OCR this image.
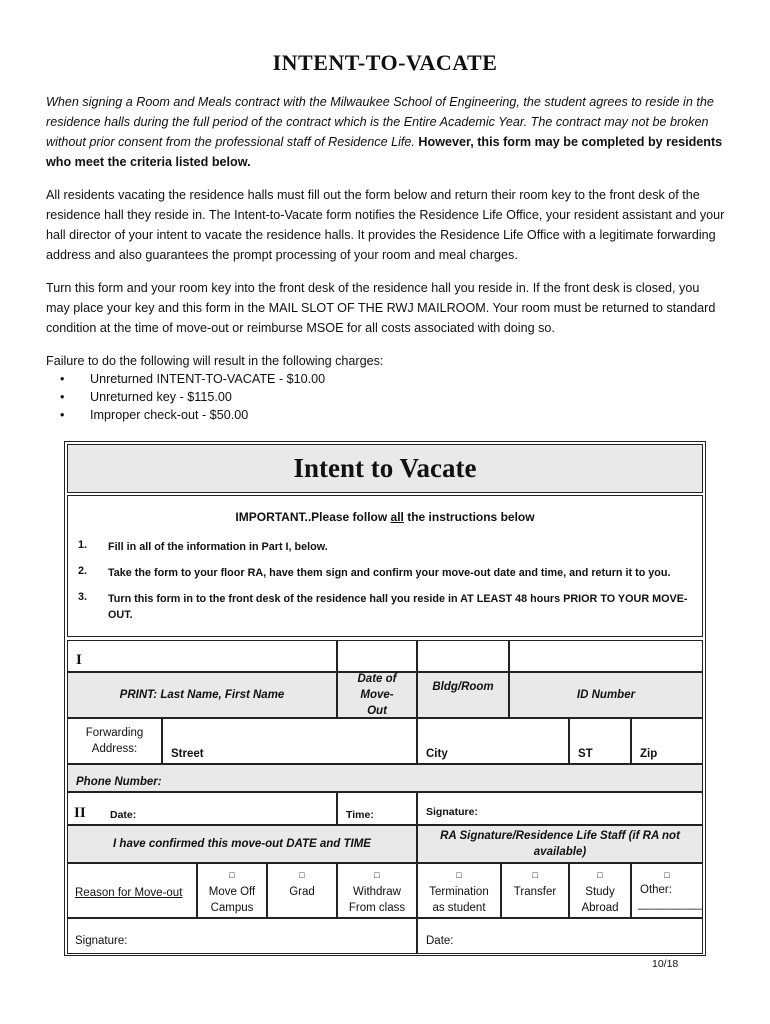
INTENT-TO-VACATE
When signing a Room and Meals contract with the Milwaukee School of Engineering, the student agrees to reside in the residence halls during the full period of the contract which is the Entire Academic Year. The contract may not be broken without prior consent from the professional staff of Residence Life. However, this form may be completed by residents who meet the criteria listed below.
All residents vacating the residence halls must fill out the form below and return their room key to the front desk of the residence hall they reside in. The Intent-to-Vacate form notifies the Residence Life Office, your resident assistant and your hall director of your intent to vacate the residence halls. It provides the Residence Life Office with a legitimate forwarding address and also guarantees the prompt processing of your room and meal charges.
Turn this form and your room key into the front desk of the residence hall you reside in. If the front desk is closed, you may place your key and this form in the MAIL SLOT OF THE RWJ MAILROOM. Your room must be returned to standard condition at the time of move-out or reimburse MSOE for all costs associated with doing so.
Failure to do the following will result in the following charges:
• Unreturned INTENT-TO-VACATE - $10.00
• Unreturned key - $115.00
• Improper check-out - $50.00
Intent to Vacate
IMPORTANT..Please follow all the instructions below
1. Fill in all of the information in Part I, below.
2. Take the form to your floor RA, have them sign and confirm your move-out date and time, and return it to you.
3. Turn this form in to the front desk of the residence hall you reside in AT LEAST 48 hours PRIOR TO YOUR MOVE-OUT.
I
PRINT: Last Name, First Name
Date of Move-Out
Bldg/Room
ID Number
Forwarding Address:	Street	City	ST	Zip
Phone Number:
II Date:	Time:	Signature:
I have confirmed this move-out DATE and TIME
RA Signature/Residence Life Staff (if RA not available)
Reason for Move-out
□
Move Off Campus
□
Grad
□
Withdraw From class
□
Termination as student
□
Transfer
□
Study Abroad
□
Other:
__________
Signature:	Date:
10/18
